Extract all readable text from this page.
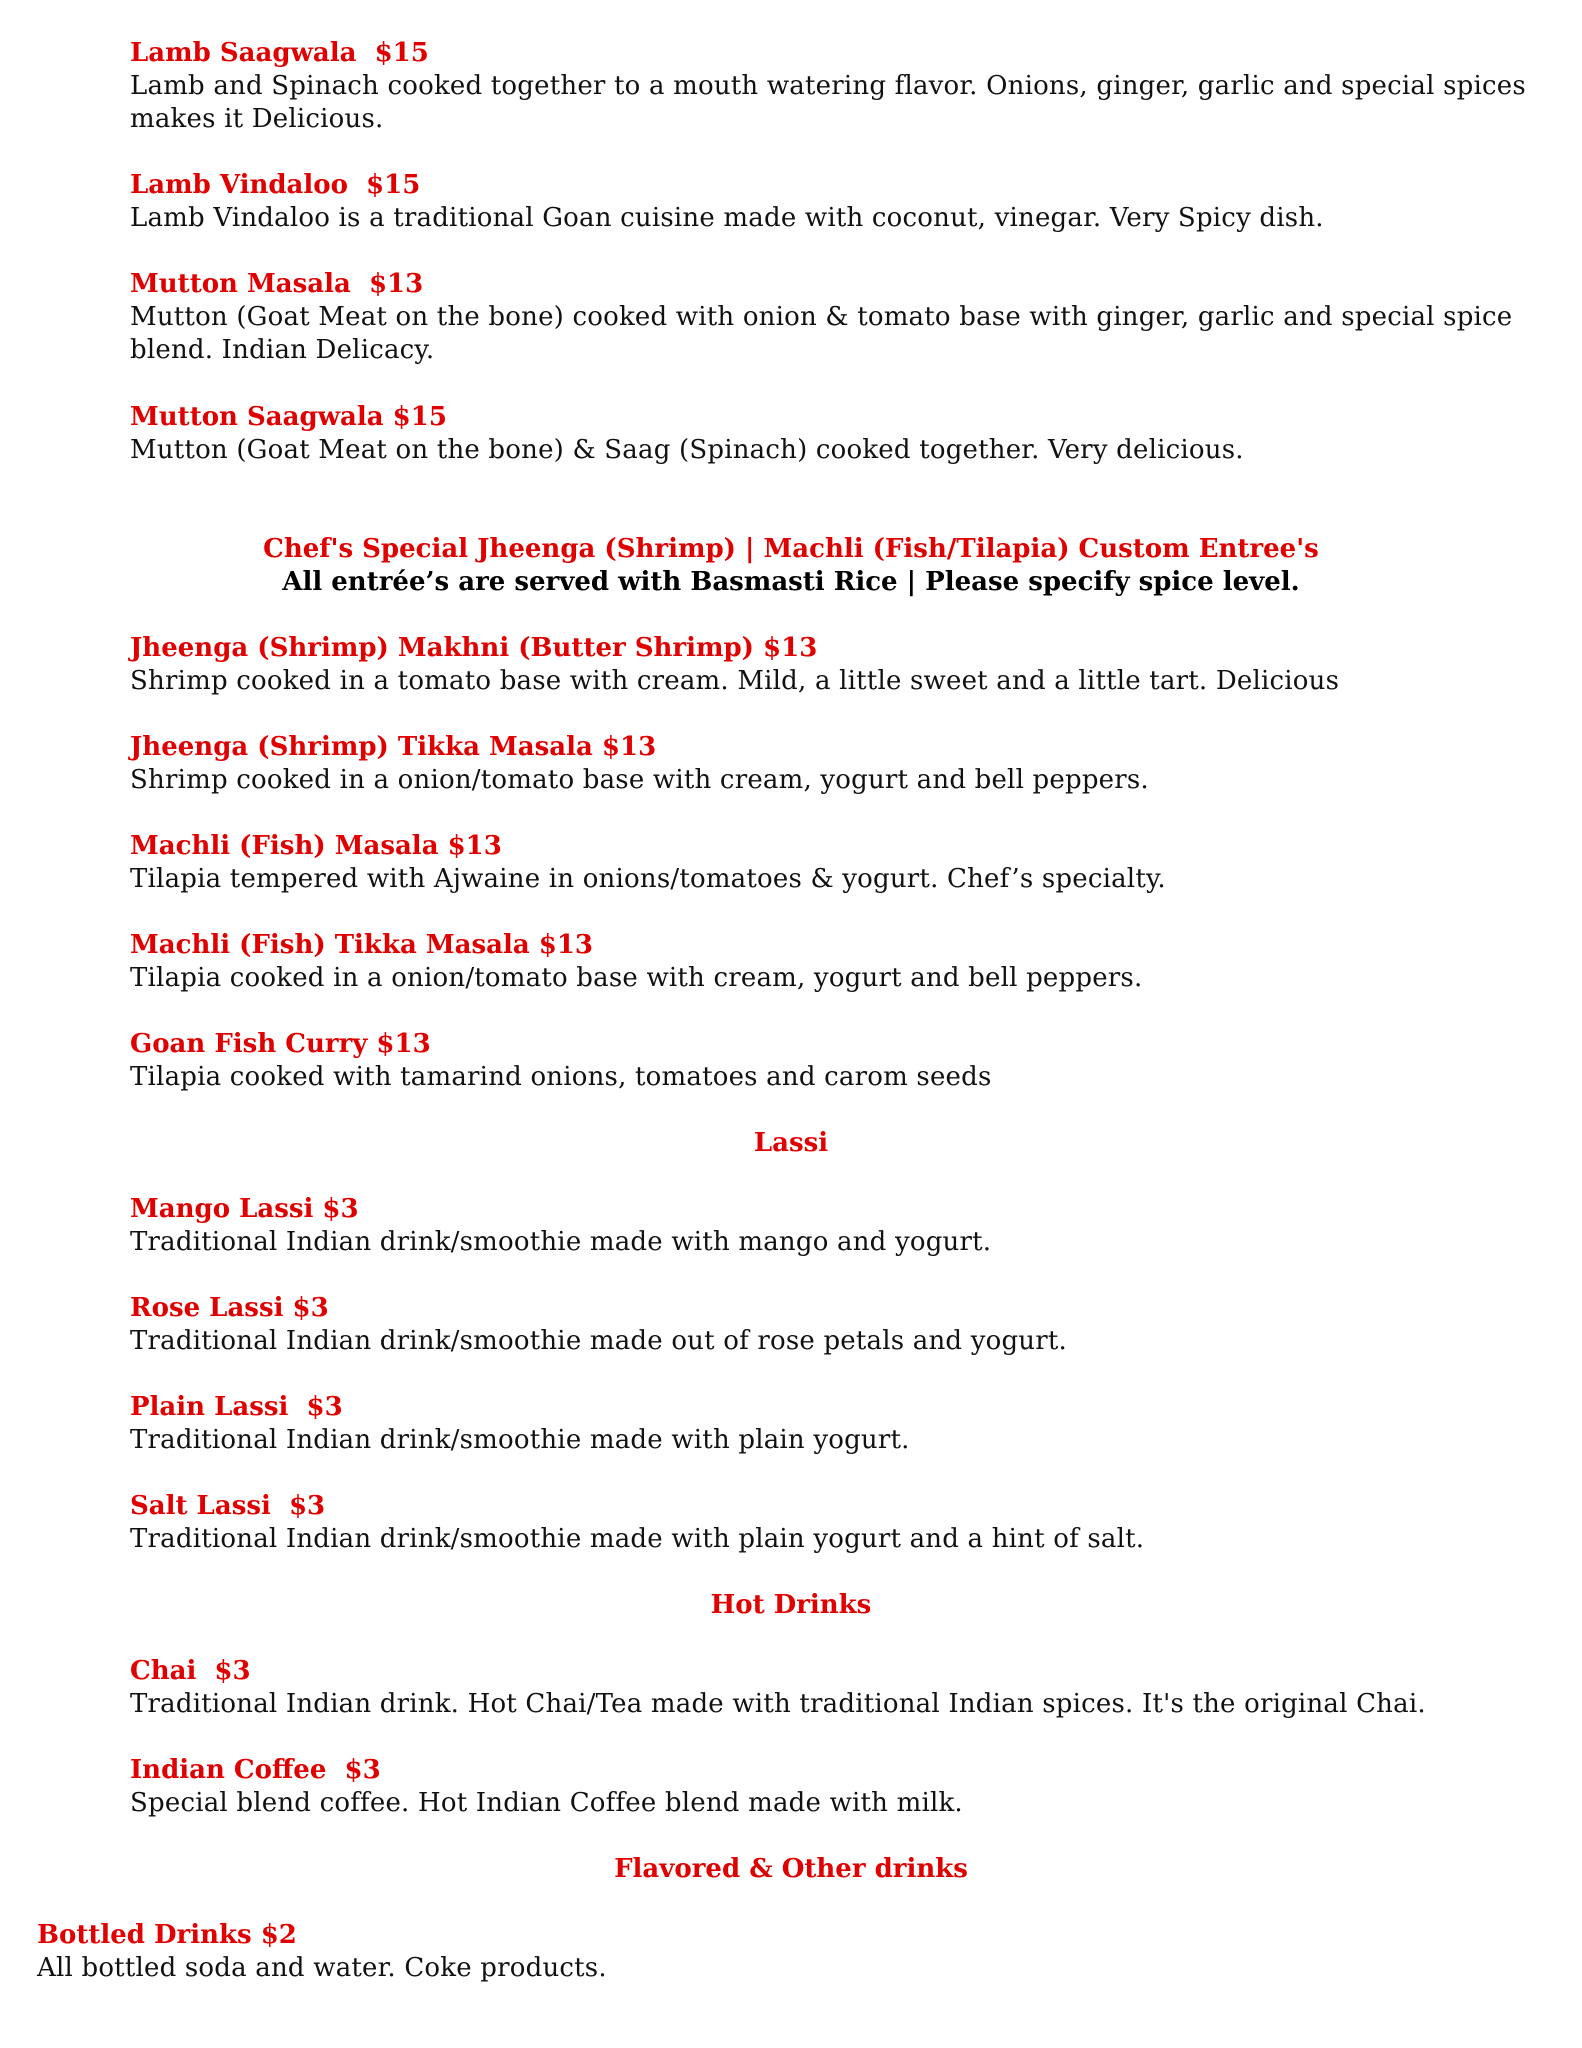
Lamb Saagwala  $15
Lamb and Spinach cooked together to a mouth watering flavor. Onions, ginger, garlic and special spices makes it Delicious.
Lamb Vindaloo  $15
Lamb Vindaloo is a traditional Goan cuisine made with coconut, vinegar. Very Spicy dish.
Mutton Masala  $13
Mutton (Goat Meat on the bone) cooked with onion & tomato base with ginger, garlic and special spice blend. Indian Delicacy.
Mutton Saagwala $15
Mutton (Goat Meat on the bone) & Saag (Spinach) cooked together. Very delicious.
Chef's Special Jheenga (Shrimp) | Machli (Fish/Tilapia) Custom Entree's
All entrée’s are served with Basmasti Rice | Please specify spice level.
Jheenga (Shrimp) Makhni (Butter Shrimp) $13
Shrimp cooked in a tomato base with cream. Mild, a little sweet and a little tart. Delicious
Jheenga (Shrimp) Tikka Masala $13
Shrimp cooked in a onion/tomato base with cream, yogurt and bell peppers.
Machli (Fish) Masala $13
Tilapia tempered with Ajwaine in onions/tomatoes & yogurt. Chef’s specialty.
Machli (Fish) Tikka Masala $13
Tilapia cooked in a onion/tomato base with cream, yogurt and bell peppers.
Goan Fish Curry $13
Tilapia cooked with tamarind onions, tomatoes and carom seeds
Lassi
Mango Lassi $3
Traditional Indian drink/smoothie made with mango and yogurt.
Rose Lassi $3
Traditional Indian drink/smoothie made out of rose petals and yogurt.
Plain Lassi  $3
Traditional Indian drink/smoothie made with plain yogurt.
Salt Lassi  $3
Traditional Indian drink/smoothie made with plain yogurt and a hint of salt.
Hot Drinks
Chai  $3
Traditional Indian drink. Hot Chai/Tea made with traditional Indian spices. It's the original Chai.
Indian Coffee  $3
Special blend coffee. Hot Indian Coffee blend made with milk.
Flavored & Other drinks
Bottled Drinks $2
All bottled soda and water. Coke products.
